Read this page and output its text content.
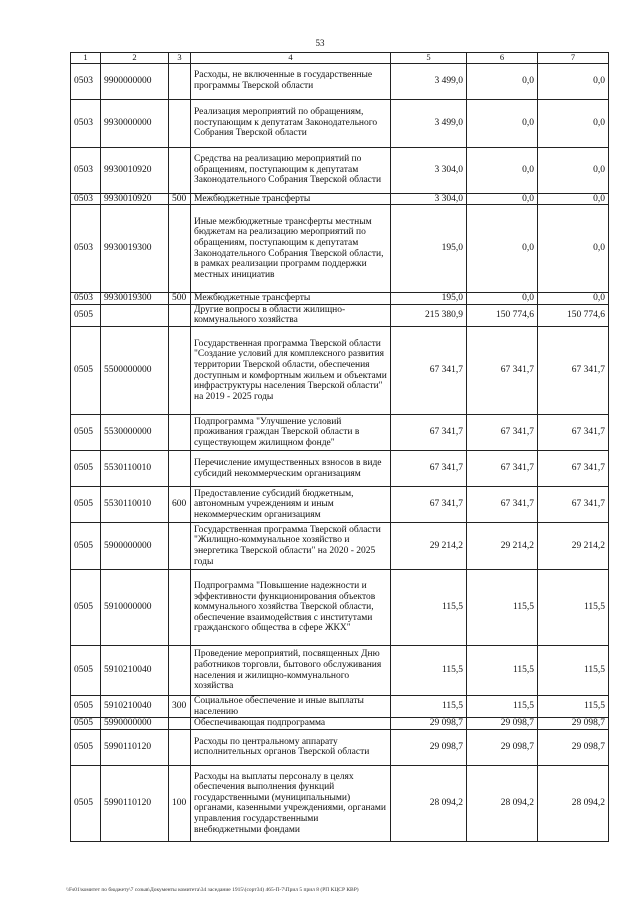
53
1	2	3	4	5	6	7
0503	9900000000		Расходы, не включенные в государственные программы Тверской области	3 499,0	0,0	0,0
0503	9930000000		Реализация мероприятий по обращениям, поступающим к депутатам Законодательного Собрания Тверской области	3 499,0	0,0	0,0
0503	9930010920		Средства на реализацию мероприятий по обращениям, поступающим к депутатам Законодательного Собрания Тверской области	3 304,0	0,0	0,0
0503	9930010920	500	Межбюджетные трансферты	3 304,0	0,0	0,0
0503	9930019300		Иные межбюджетные трансферты местным бюджетам на реализацию мероприятий по обращениям, поступающим к депутатам Законодательного Собрания Тверской области, в рамках реализации программ поддержки местных инициатив	195,0	0,0	0,0
0503	9930019300	500	Межбюджетные трансферты	195,0	0,0	0,0
0505			Другие вопросы в области жилищно-коммунального хозяйства	215 380,9	150 774,6	150 774,6
0505	5500000000		Государственная программа Тверской области "Создание условий для комплексного развития территории Тверской области, обеспечения доступным и комфортным жильем и объектами инфраструктуры населения Тверской области" на 2019 - 2025 годы	67 341,7	67 341,7	67 341,7
0505	5530000000		Подпрограмма "Улучшение условий проживания граждан Тверской области в существующем жилищном фонде"	67 341,7	67 341,7	67 341,7
0505	5530110010		Перечисление имущественных взносов в виде субсидий некоммерческим организациям	67 341,7	67 341,7	67 341,7
0505	5530110010	600	Предоставление субсидий бюджетным, автономным учреждениям и иным некоммерческим организациям	67 341,7	67 341,7	67 341,7
0505	5900000000		Государственная программа Тверской области "Жилищно-коммунальное хозяйство и энергетика Тверской области" на 2020 - 2025 годы	29 214,2	29 214,2	29 214,2
0505	5910000000		Подпрограмма "Повышение надежности и эффективности функционирования объектов коммунального хозяйства Тверской области, обеспечение взаимодействия с институтами гражданского общества в сфере ЖКХ"	115,5	115,5	115,5
0505	5910210040		Проведение мероприятий, посвященных Дню работников торговли, бытового обслуживания населения и жилищно-коммунального хозяйства	115,5	115,5	115,5
0505	5910210040	300	Социальное обеспечение и иные выплаты населению	115,5	115,5	115,5
0505	5990000000		Обеспечивающая подпрограмма	29 098,7	29 098,7	29 098,7
0505	5990110120		Расходы по центральному аппарату исполнительных органов Тверской области	29 098,7	29 098,7	29 098,7
0505	5990110120	100	Расходы на выплаты персоналу в целях обеспечения выполнения функций государственными (муниципальными) органами, казенными учреждениями, органами управления государственными внебюджетными фондами	28 094,2	28 094,2	28 094,2
\\Fs01\комитет по бюджету\7 созыв\Документы комитета\34 заседание 1915\(сорт34) 465-П-7\Прил 5 прил 8 (РП КЦСР КВР)
